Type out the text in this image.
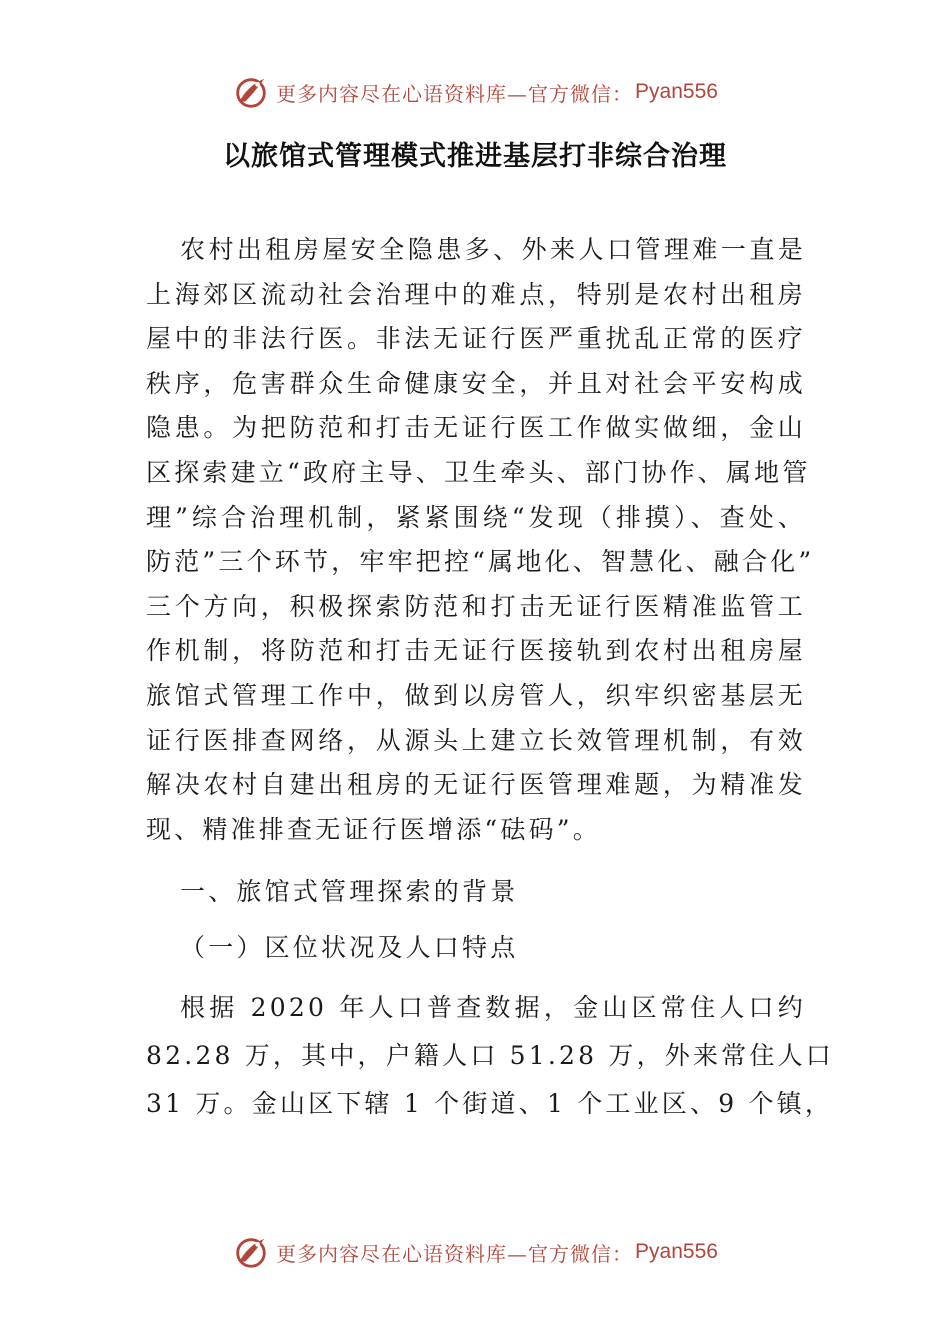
更多内容尽在心语资料库—官方微信： Pyan556
以旅馆式管理模式推进基层打非综合治理
农村出租房屋安全隐患多、外来人口管理难一直是
上海郊区流动社会治理中的难点，特别是农村出租房
屋中的非法行医。非法无证行医严重扰乱正常的医疗
秩序，危害群众生命健康安全，并且对社会平安构成
隐患。为把防范和打击无证行医工作做实做细，金山
区探索建立“政府主导、卫生牵头、部门协作、属地管
理”综合治理机制，紧紧围绕“发现（排摸）、查处、
防范”三个环节，牢牢把控“属地化、智慧化、融合化”
三个方向，积极探索防范和打击无证行医精准监管工
作机制，将防范和打击无证行医接轨到农村出租房屋
旅馆式管理工作中，做到以房管人，织牢织密基层无
证行医排查网络，从源头上建立长效管理机制，有效
解决农村自建出租房的无证行医管理难题，为精准发
现、精准排查无证行医增添“砝码”。
一、旅馆式管理探索的背景
（一）区位状况及人口特点
根据 2020 年人口普查数据，金山区常住人口约
82.28 万，其中，户籍人口 51.28 万，外来常住人口
31 万。金山区下辖 1 个街道、1 个工业区、9 个镇，
更多内容尽在心语资料库—官方微信： Pyan556
